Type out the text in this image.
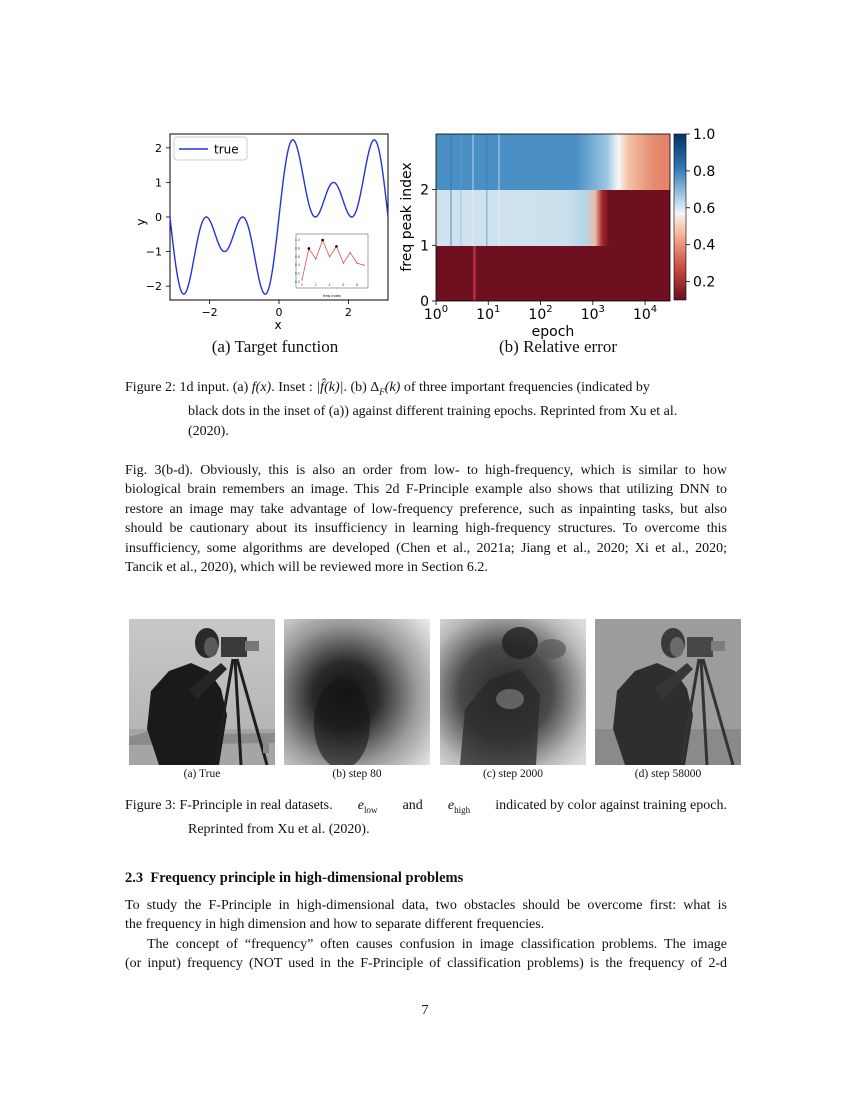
2
1
0
−1
−2
−2	0	2
true
x
y
1.0
0.8
0.6
0.4
0.2
0.0
0	2	4	6	8
freq index
(a) Target function
2
1
0
$10^0$ $10^1$ $10^2$ $10^3$ $10^4$
epoch
freq peak index
1.0
0.8
0.6
0.4
0.2
(b) Relative error
Figure 2: 1d input. (a) f(x). Inset : |f̂(k)|. (b) $\Delta_F(k)$ of three important frequencies (indicated by
black dots in the inset of (a)) against different training epochs. Reprinted from Xu et al.
(2020).
Fig. 3(b-d). Obviously, this is also an order from low- to high-frequency, which is similar to how
biological brain remembers an image. This 2d F-Principle example also shows that utilizing DNN to
restore an image may take advantage of low-frequency preference, such as inpainting tasks, but also
should be cautionary about its insufficiency in learning high-frequency structures. To overcome this
insufficiency, some algorithms are developed (Chen et al., 2021a; Jiang et al., 2020; Xi et al., 2020;
Tancik et al., 2020), which will be reviewed more in Section 6.2.
(a) True	(b) step 80	(c) step 2000	(d) step 58000
Figure 3: F-Principle in real datasets. $e_{low}$ and $e_{high}$ indicated by color against training epoch.
Reprinted from Xu et al. (2020).
2.3 Frequency principle in high-dimensional problems
To study the F-Principle in high-dimensional data, two obstacles should be overcome first: what is
the frequency in high dimension and how to separate different frequencies.
The concept of “frequency” often causes confusion in image classification problems. The image
(or input) frequency (NOT used in the F-Principle of classification problems) is the frequency of 2-d
7
